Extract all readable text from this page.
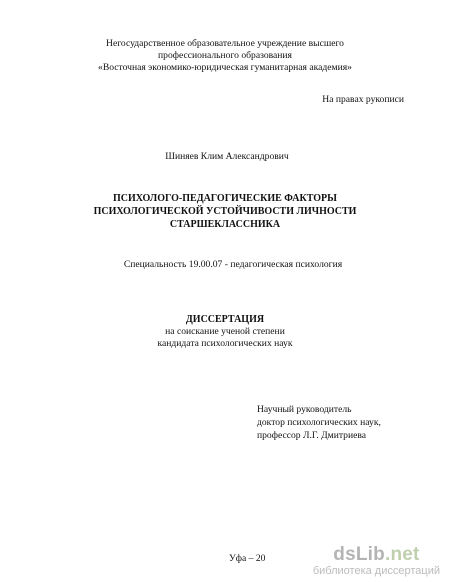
Негосударственное образовательное учреждение высшего
профессионального образования
«Восточная экономико-юридическая гуманитарная академия»
На правах рукописи
Шиняев Клим Александрович
ПСИХОЛОГО-ПЕДАГОГИЧЕСКИЕ ФАКТОРЫ
ПСИХОЛОГИЧЕСКОЙ УСТОЙЧИВОСТИ ЛИЧНОСТИ
СТАРШЕКЛАССНИКА
Специальность 19.00.07 - педагогическая психология
ДИССЕРТАЦИЯ
на соискание ученой степени
кандидата психологических наук
Научный руководитель
доктор психологических наук,
профессор Л.Г. Дмитриева
Уфа – 20	dsLib.net
библиотека диссертаций
